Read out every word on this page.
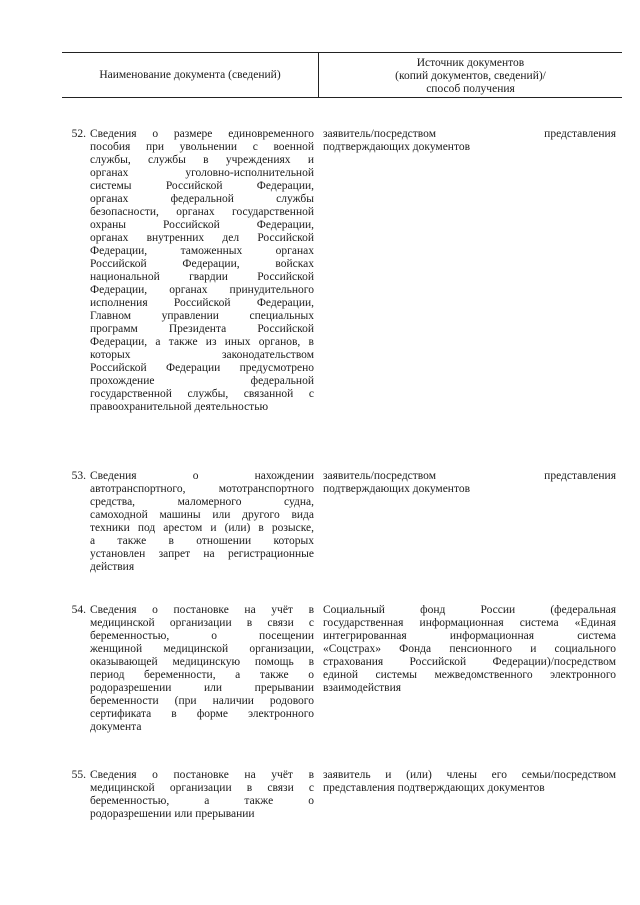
Наименование документа (сведений)
Источник документов
(копий документов, сведений)/
способ получения
52. Сведения о размере единовременного
пособия при увольнении с военной
службы, службы в учреждениях и
органах уголовно-исполнительной
системы Российской Федерации,
органах федеральной службы
безопасности, органах государственной
охраны Российской Федерации,
органах внутренних дел Российской
Федерации, таможенных органах
Российской Федерации, войсках
национальной гвардии Российской
Федерации, органах принудительного
исполнения Российской Федерации,
Главном управлении специальных
программ Президента Российской
Федерации, а также из иных органов, в
которых законодательством
Российской Федерации предусмотрено
прохождение федеральной
государственной службы, связанной с
правоохранительной деятельностью
заявитель/посредством представления
подтверждающих документов
53. Сведения о нахождении
автотранспортного, мототранспортного
средства, маломерного судна,
самоходной машины или другого вида
техники под арестом и (или) в розыске,
а также в отношении которых
установлен запрет на регистрационные
действия
заявитель/посредством представления
подтверждающих документов
54. Сведения о постановке на учёт в
медицинской организации в связи с
беременностью, о посещении
женщиной медицинской организации,
оказывающей медицинскую помощь в
период беременности, а также о
родоразрешении или прерывании
беременности (при наличии родового
сертификата в форме электронного
документа
Социальный фонд России (федеральная
государственная информационная система «Единая
интегрированная информационная система
«Соцстрах» Фонда пенсионного и социального
страхования Российской Федерации)/посредством
единой системы межведомственного электронного
взаимодействия
55. Сведения о постановке на учёт в
медицинской организации в связи с
беременностью, а также о
родоразрешении или прерывании
заявитель и (или) члены его семьи/посредством
представления подтверждающих документов
